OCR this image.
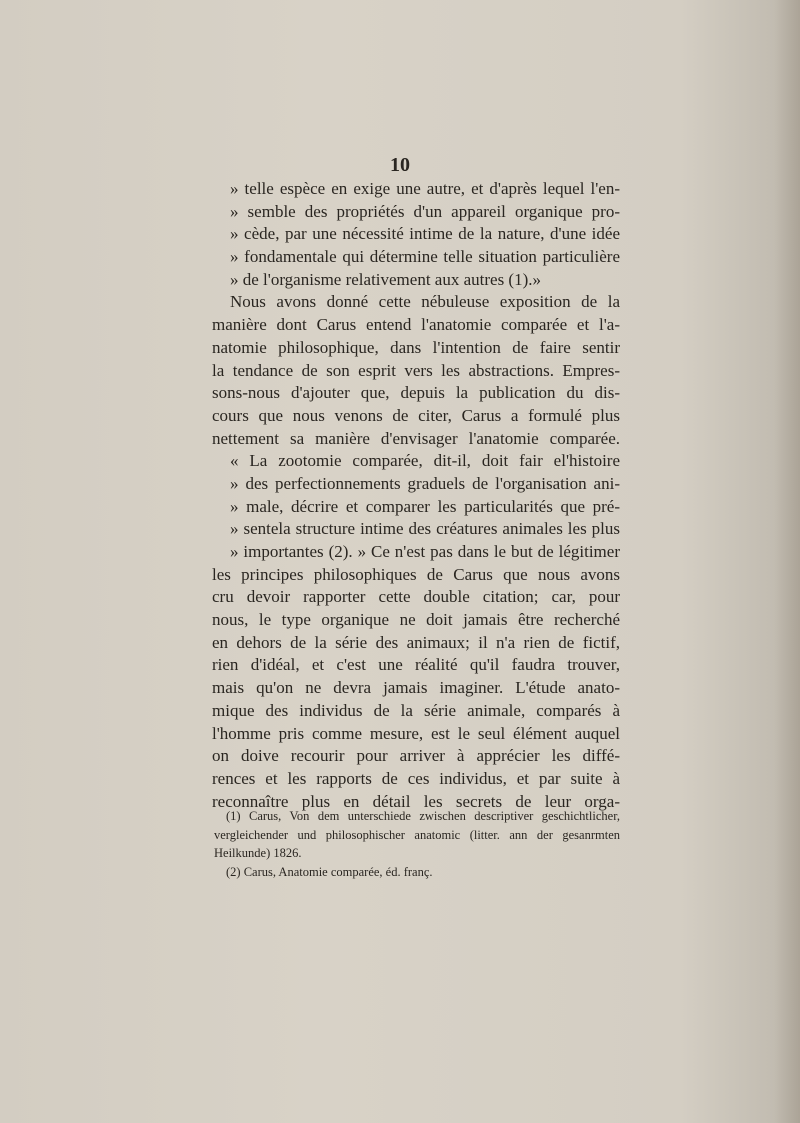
10
» telle espèce en exige une autre, et d'après lequel l'en-
» semble des propriétés d'un appareil organique pro-
» cède, par une nécessité intime de la nature, d'une idée
» fondamentale qui détermine telle situation particulière
» de l'organisme relativement aux autres (1).»
Nous avons donné cette nébuleuse exposition de la
manière dont Carus entend l'anatomie comparée et l'a-
natomie philosophique, dans l'intention de faire sentir
la tendance de son esprit vers les abstractions. Empres-
sons-nous d'ajouter que, depuis la publication du dis-
cours que nous venons de citer, Carus a formulé plus
nettement sa manière d'envisager l'anatomie comparée.
« La zootomie comparée, dit-il, doit fair el'histoire
» des perfectionnements graduels de l'organisation ani-
» male, décrire et comparer les particularités que pré-
» sentela structure intime des créatures animales les plus
» importantes (2). » Ce n'est pas dans le but de légitimer
les principes philosophiques de Carus que nous avons
cru devoir rapporter cette double citation; car, pour
nous, le type organique ne doit jamais être recherché
en dehors de la série des animaux; il n'a rien de fictif,
rien d'idéal, et c'est une réalité qu'il faudra trouver,
mais qu'on ne devra jamais imaginer. L'étude anato-
mique des individus de la série animale, comparés à
l'homme pris comme mesure, est le seul élément auquel
on doive recourir pour arriver à apprécier les diffé-
rences et les rapports de ces individus, et par suite à
reconnaître plus en détail les secrets de leur orga-
(1) Carus, Von dem unterschiede zwischen descriptiver geschichtlicher,
vergleichender und philosophischer anatomic (litter. ann der gesanrmten
Heilkunde) 1826.
(2) Carus, Anatomie comparée, éd. franç.
